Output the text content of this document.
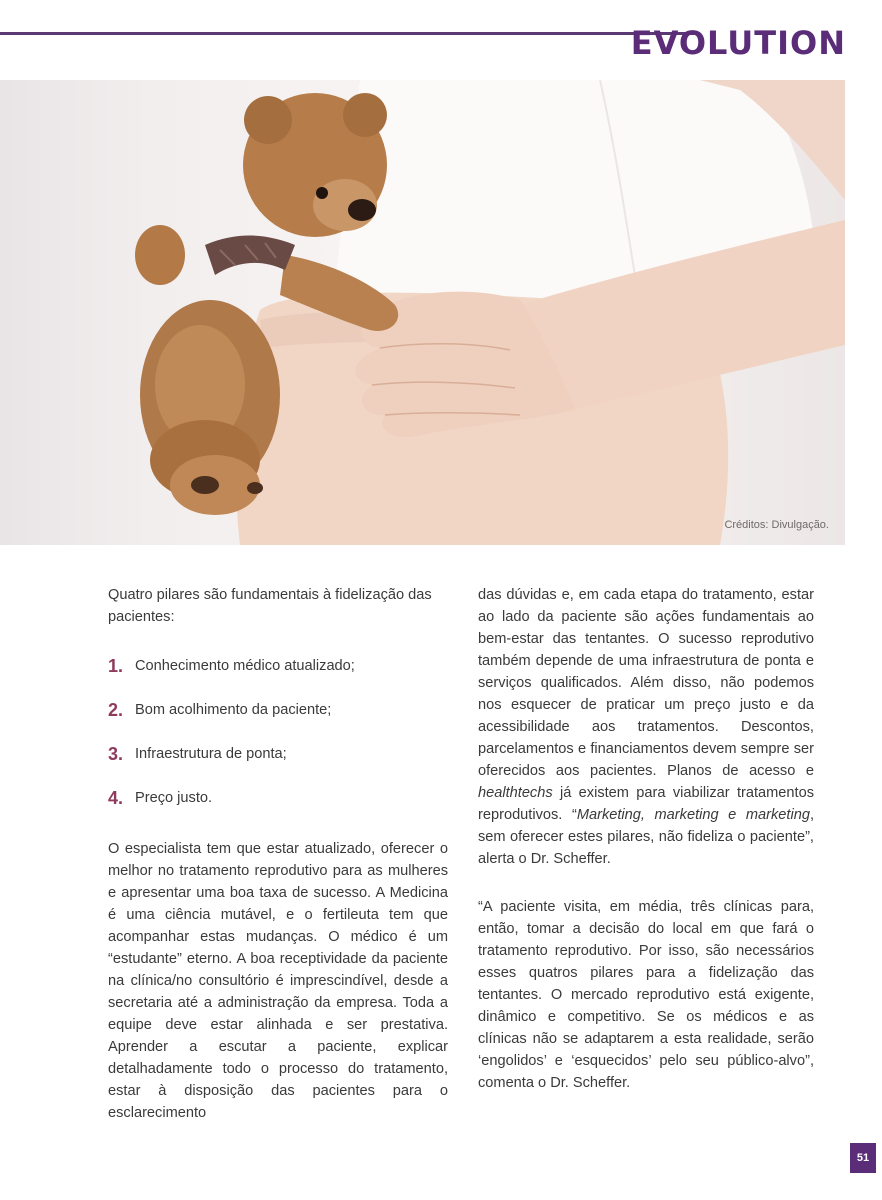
EVOLUTION
Créditos: Divulgação.

Quatro pilares são fundamentais à fidelização das pacientes:

1. Conhecimento médico atualizado;
2. Bom acolhimento da paciente;
3. Infraestrutura de ponta;
4. Preço justo.

O especialista tem que estar atualizado, oferecer o melhor no tratamento reprodutivo para as mulheres e apresentar uma boa taxa de sucesso. A Medicina é uma ciência mutável, e o fertileuta tem que acompanhar estas mudanças. O médico é um “estudante” eterno. A boa receptividade da paciente na clínica/no consultório é imprescindível, desde a secretaria até a administração da empresa. Toda a equipe deve estar alinhada e ser prestativa. Aprender a escutar a paciente, explicar detalhadamente todo o processo do tratamento, estar à disposição das pacientes para o esclarecimento

das dúvidas e, em cada etapa do tratamento, estar ao lado da paciente são ações fundamentais ao bem-estar das tentantes. O sucesso reprodutivo também depende de uma infraestrutura de ponta e serviços qualificados. Além disso, não podemos nos esquecer de praticar um preço justo e da acessibilidade aos tratamentos. Descontos, parcelamentos e financiamentos devem sempre ser oferecidos aos pacientes. Planos de acesso e healthtechs já existem para viabilizar tratamentos reprodutivos. “Marketing, marketing e marketing, sem oferecer estes pilares, não fideliza o paciente”, alerta o Dr. Scheffer.

“A paciente visita, em média, três clínicas para, então, tomar a decisão do local em que fará o tratamento reprodutivo. Por isso, são necessários esses quatros pilares para a fidelização das tentantes. O mercado reprodutivo está exigente, dinâmico e competitivo. Se os médicos e as clínicas não se adaptarem a esta realidade, serão ‘engolidos’ e ‘esquecidos’ pelo seu público-alvo”, comenta o Dr. Scheffer.

51
